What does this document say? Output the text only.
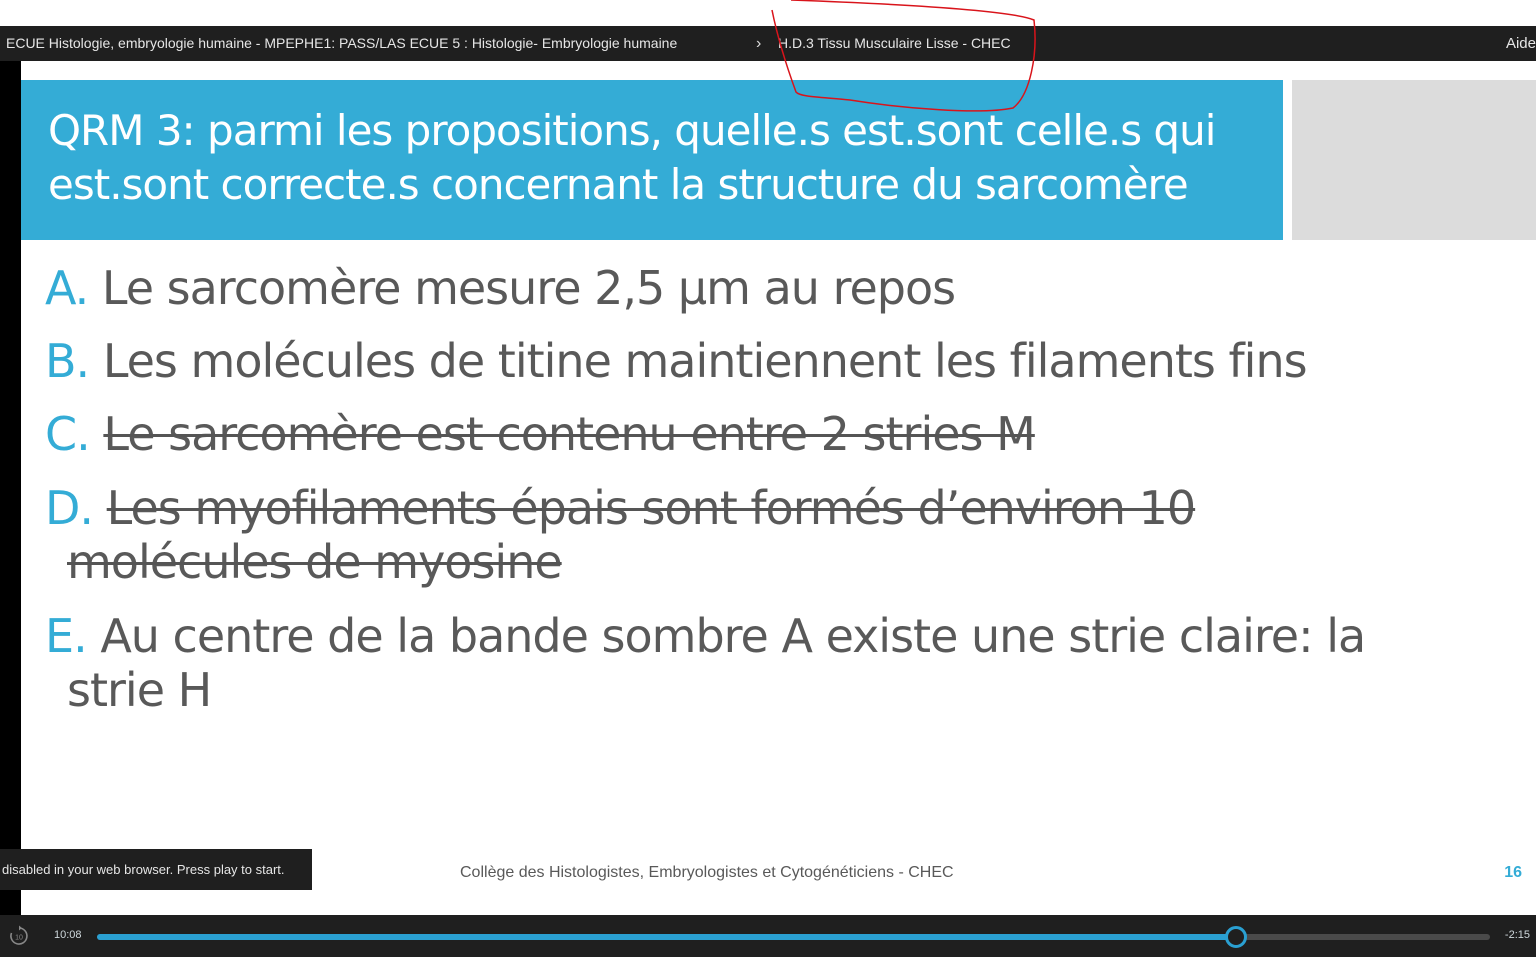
ECUE Histologie, embryologie humaine - MPEPHE1: PASS/LAS ECUE 5 : Histologie- Embryologie humaine	› H.D.3 Tissu Musculaire Lisse - CHEC	Aide
QRM 3: parmi les propositions, quelle.s est.sont celle.s qui est.sont correcte.s concernant la structure du sarcomère
A. Le sarcomère mesure 2,5 μm au repos
B. Les molécules de titine maintiennent les filaments fins
C. Le sarcomère est contenu entre 2 stries M
D. Les myofilaments épais sont formés d’environ 10
molécules de myosine
E. Au centre de la bande sombre A existe une strie claire: la
strie H
Collège des Histologistes, Embryologistes et Cytogénéticiens - CHEC	16
disabled in your web browser. Press play to start.
10	10:08	-2:15
